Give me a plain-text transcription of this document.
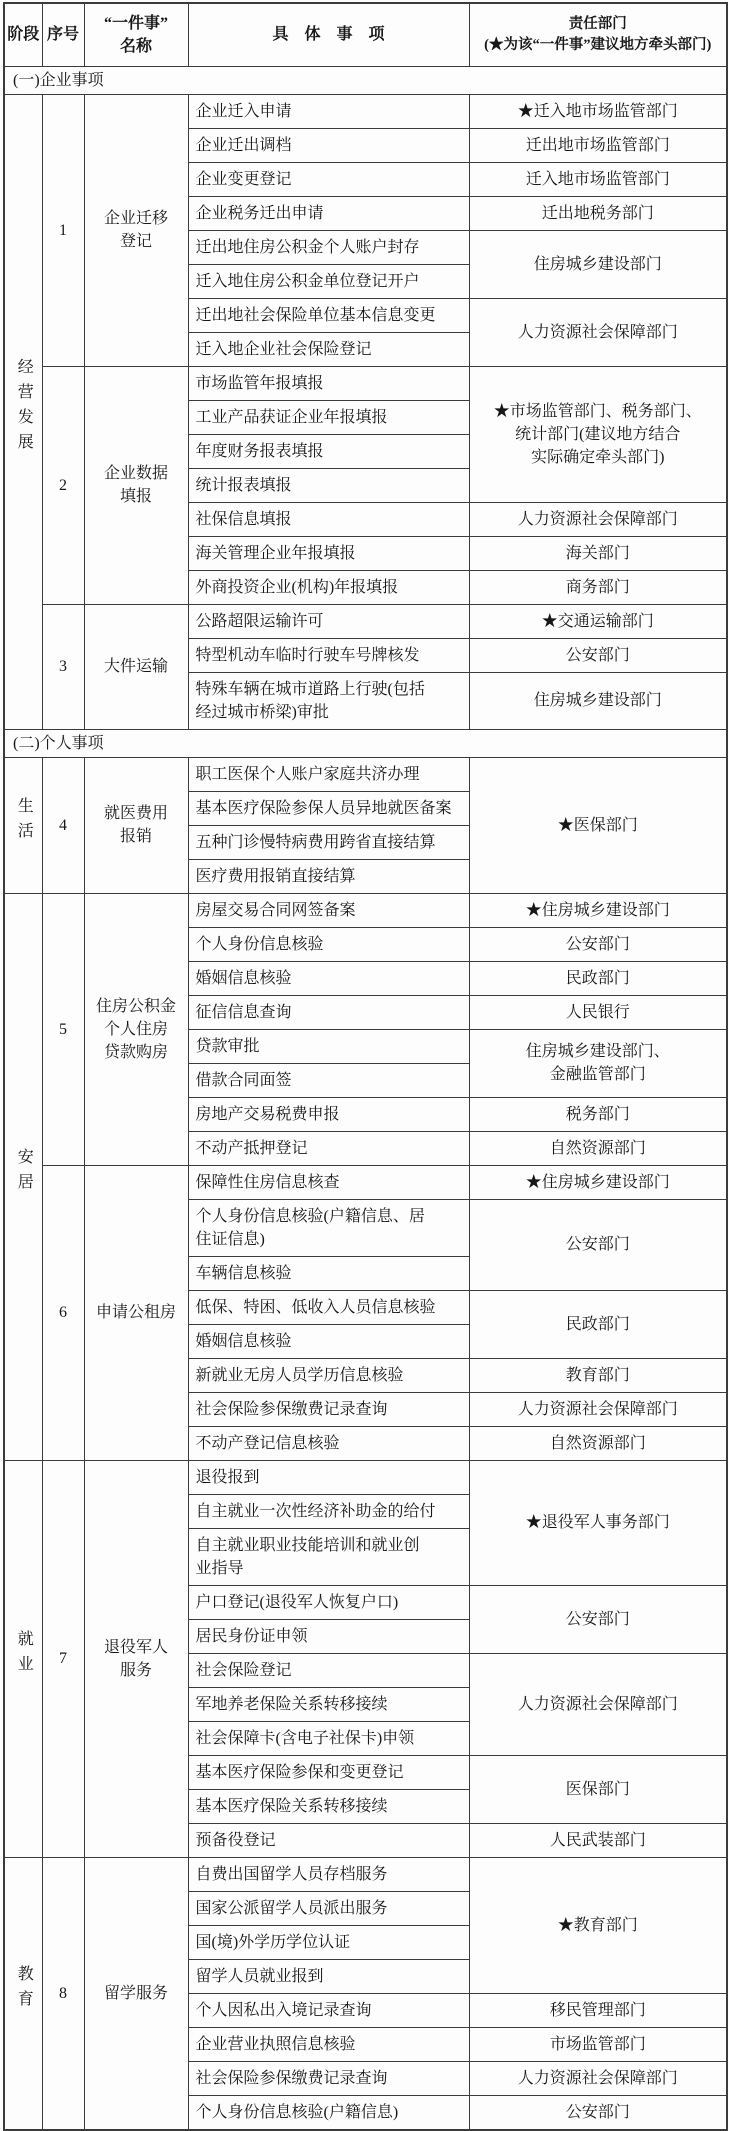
阶段	序号	“一件事”
名称	具　体　事　项	责任部门
(★为该“一件事”建议地方牵头部门)
(一)企业事项				
经营发展	1	企业迁移
登记	企业迁入申请	★迁入地市场监管部门
			企业迁出调档	迁出地市场监管部门
			企业变更登记	迁入地市场监管部门
			企业税务迁出申请	迁出地税务部门
			迁出地住房公积金个人账户封存	住房城乡建设部门
			迁入地住房公积金单位登记开户	
			迁出地社会保险单位基本信息变更	人力资源社会保障部门
			迁入地企业社会保险登记	
	2	企业数据
填报	市场监管年报填报	★市场监管部门、税务部门、
统计部门(建议地方结合
实际确定牵头部门)
			工业产品获证企业年报填报	
			年度财务报表填报	
			统计报表填报	
			社保信息填报	人力资源社会保障部门
			海关管理企业年报填报	海关部门
			外商投资企业(机构)年报填报	商务部门
	3	大件运输	公路超限运输许可	★交通运输部门
			特型机动车临时行驶车号牌核发	公安部门
			特殊车辆在城市道路上行驶(包括
经过城市桥梁)审批	住房城乡建设部门
(二)个人事项				
生活	4	就医费用
报销	职工医保个人账户家庭共济办理	★医保部门
			基本医疗保险参保人员异地就医备案	
			五种门诊慢特病费用跨省直接结算	
			医疗费用报销直接结算	
安居	5	住房公积金
个人住房
贷款购房	房屋交易合同网签备案	★住房城乡建设部门
			个人身份信息核验	公安部门
			婚姻信息核验	民政部门
			征信信息查询	人民银行
			贷款审批	住房城乡建设部门、
金融监管部门
			借款合同面签	
			房地产交易税费申报	税务部门
			不动产抵押登记	自然资源部门
	6	申请公租房	保障性住房信息核查	★住房城乡建设部门
			个人身份信息核验(户籍信息、居
住证信息)	公安部门
			车辆信息核验	
			低保、特困、低收入人员信息核验	民政部门
			婚姻信息核验	
			新就业无房人员学历信息核验	教育部门
			社会保险参保缴费记录查询	人力资源社会保障部门
			不动产登记信息核验	自然资源部门
就业	7	退役军人
服务	退役报到	★退役军人事务部门
			自主就业一次性经济补助金的给付	
			自主就业职业技能培训和就业创
业指导	
			户口登记(退役军人恢复户口)	公安部门
			居民身份证申领	
			社会保险登记	人力资源社会保障部门
			军地养老保险关系转移接续	
			社会保障卡(含电子社保卡)申领	
			基本医疗保险参保和变更登记	医保部门
			基本医疗保险关系转移接续	
			预备役登记	人民武装部门
教育	8	留学服务	自费出国留学人员存档服务	★教育部门
			国家公派留学人员派出服务	
			国(境)外学历学位认证	
			留学人员就业报到	
			个人因私出入境记录查询	移民管理部门
			企业营业执照信息核验	市场监管部门
			社会保险参保缴费记录查询	人力资源社会保障部门
			个人身份信息核验(户籍信息)	公安部门
